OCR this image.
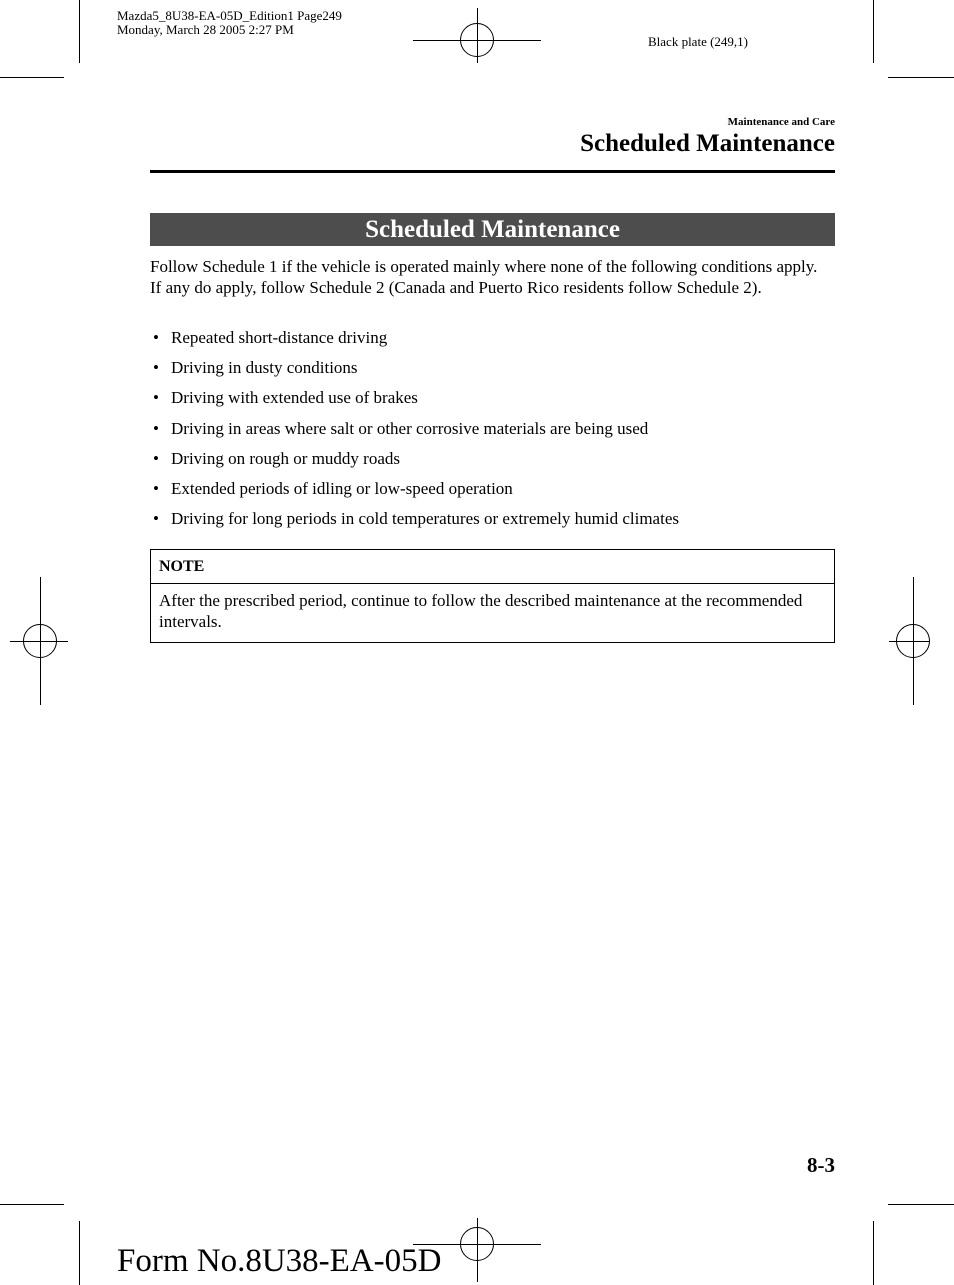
Mazda5_8U38-EA-05D_Edition1 Page249
Monday, March 28 2005 2:27 PM
Black plate (249,1)
Maintenance and Care
Scheduled Maintenance
Scheduled Maintenance

Follow Schedule 1 if the vehicle is operated mainly where none of the following conditions apply.

If any do apply, follow Schedule 2 (Canada and Puerto Rico residents follow Schedule 2).

• Repeated short-distance driving
• Driving in dusty conditions
• Driving with extended use of brakes
• Driving in areas where salt or other corrosive materials are being used
• Driving on rough or muddy roads
• Extended periods of idling or low-speed operation
• Driving for long periods in cold temperatures or extremely humid climates
NOTE
After the prescribed period, continue to follow the described maintenance at the recommended intervals.
8-3
Form No.8U38-EA-05D
